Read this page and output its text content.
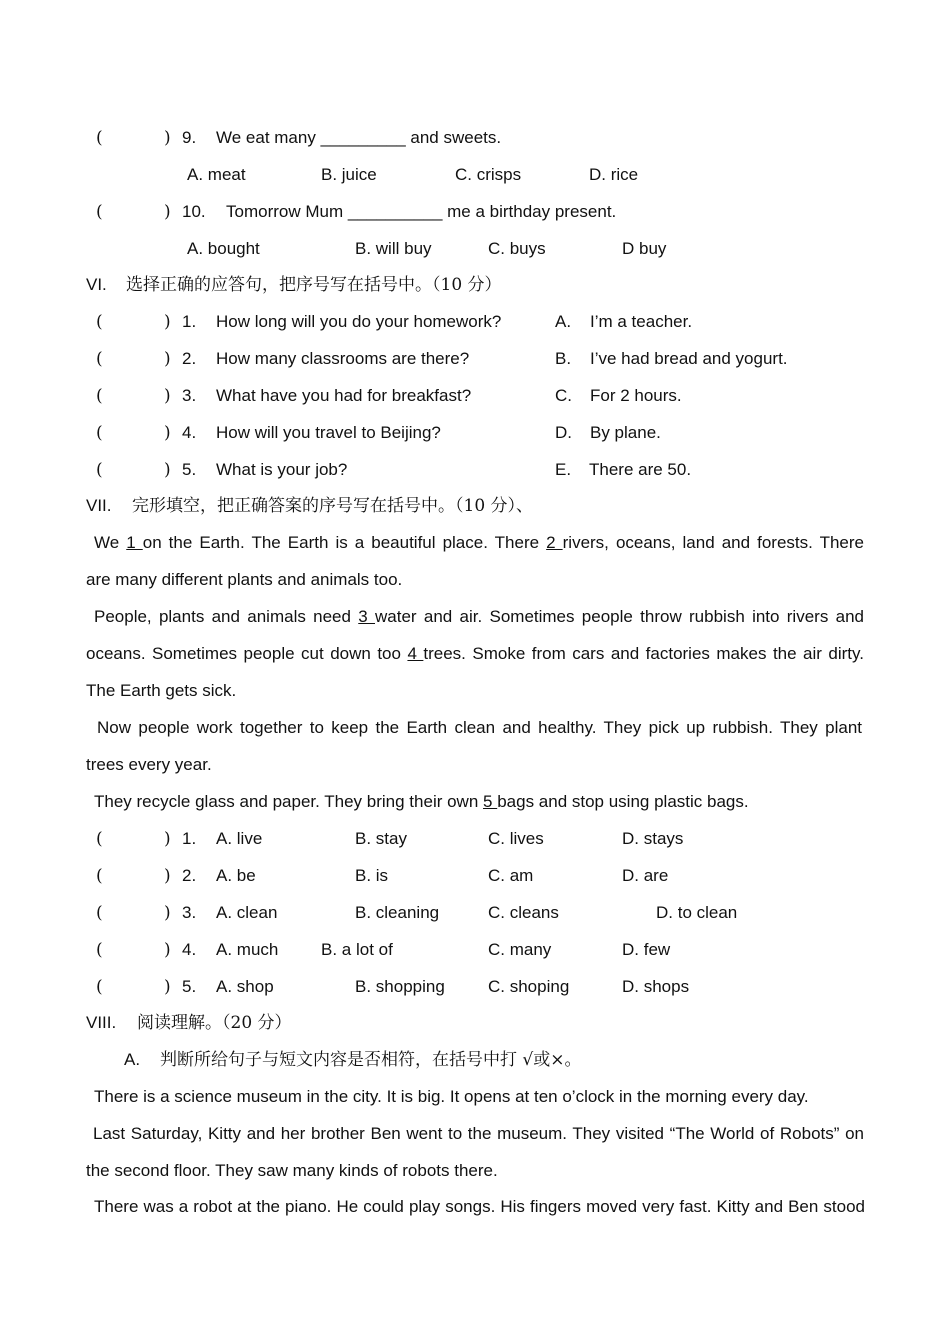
(	) 9. We eat many _________ and sweets.
A. meat	B. juice	C. crisps	D. rice
(	) 10. Tomorrow Mum __________ me a birthday present.
A. bought	B. will buy	C. buys	D buy
VI. 选择正确的应答句，把序号写在括号中。（10 分）
(	) 1. How long will you do your homework?	A. I’m a teacher.
(	) 2. How many classrooms are there?	B. I’ve had bread and yogurt.
(	) 3. What have you had for breakfast?	C. For 2 hours.
(	) 4. How will you travel to Beijing?	D. By plane.
(	) 5. What is your job?	E. There are 50.
VII. 完形填空，把正确答案的序号写在括号中。（10 分）、
We 1 on the Earth. The Earth is a beautiful place. There 2 rivers, oceans, land and forests. There
are many different plants and animals too.
People, plants and animals need 3 water and air. Sometimes people throw rubbish into rivers and
oceans. Sometimes people cut down too 4 trees. Smoke from cars and factories makes the air dirty.
The Earth gets sick.
Now people work together to keep the Earth clean and healthy. They pick up rubbish. They plant
trees every year.
They recycle glass and paper. They bring their own 5 bags and stop using plastic bags.
(	) 1. A. live	B. stay	C. lives	D. stays
(	) 2. A. be	B. is	C. am	D. are
(	) 3. A. clean	B. cleaning	C. cleans	D. to clean
(	) 4. A. much	B. a lot of	C. many	D. few
(	) 5. A. shop	B. shopping	C. shoping	D. shops
VIII. 阅读理解。（20 分）
A. 判断所给句子与短文内容是否相符，在括号中打 √或×。
There is a science museum in the city. It is big. It opens at ten o’clock in the morning every day.
Last Saturday, Kitty and her brother Ben went to the museum. They visited “The World of Robots” on
the second floor. They saw many kinds of robots there.
There was a robot at the piano. He could play songs. His fingers moved very fast. Kitty and Ben stood
